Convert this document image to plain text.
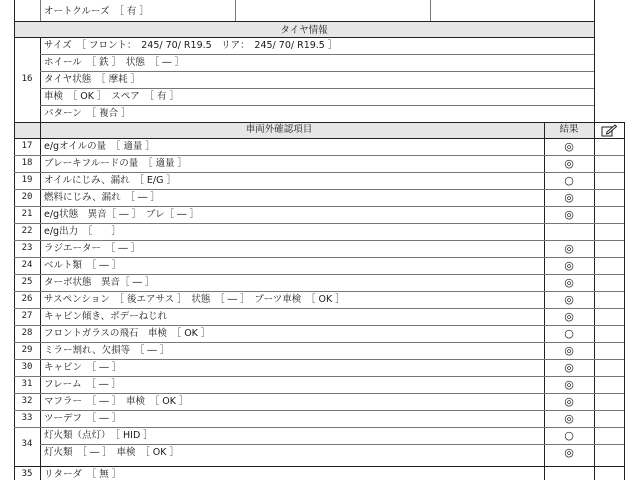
オートクルーズ　［ 有 ］
タイヤ情報
16
サイズ　［ フロント：　245/ 70/ R19.5　リア：　245/ 70/ R19.5 ］
ホイール　［ 鉄 ］　状態　［ ― ］
タイヤ状態　［ 摩耗 ］
車検　［ OK ］　スペア　［ 有 ］
パターン　［ 複合 ］
車両外確認項目	結果
17	e/gオイルの量　［ 適量 ］	◎
18	ブレーキフルードの量　［ 適量 ］	◎
19	オイルにじみ、漏れ　［ E/G ］	○
20	燃料にじみ、漏れ　［ ― ］	◎
21	e/g状態　異音［ ― ］　ブレ［ ― ］	◎
22	e/g出力　［　　］
23	ラジエーター　［ ― ］	◎
24	ベルト類　［ ― ］	◎
25	ターボ状態　異音［ ― ］	◎
26	サスペンション　［ 後エアサス ］　状態　［ ― ］　ブーツ車検　［ OK ］	◎
27	キャビン傾き、ボデーねじれ	◎
28	フロントガラスの飛石　車検　［ OK ］	○
29	ミラー割れ、欠損等　［ ― ］	◎
30	キャビン　［ ― ］	◎
31	フレーム　［ ― ］	◎
32	マフラー　［ ― ］　車検　［ OK ］	◎
33	ツーデフ　［ ― ］	◎
34
灯火類（点灯）　［ HID ］	○
灯火類　［ ― ］　車検　［ OK ］	◎
35	リターダ　［ 無 ］
